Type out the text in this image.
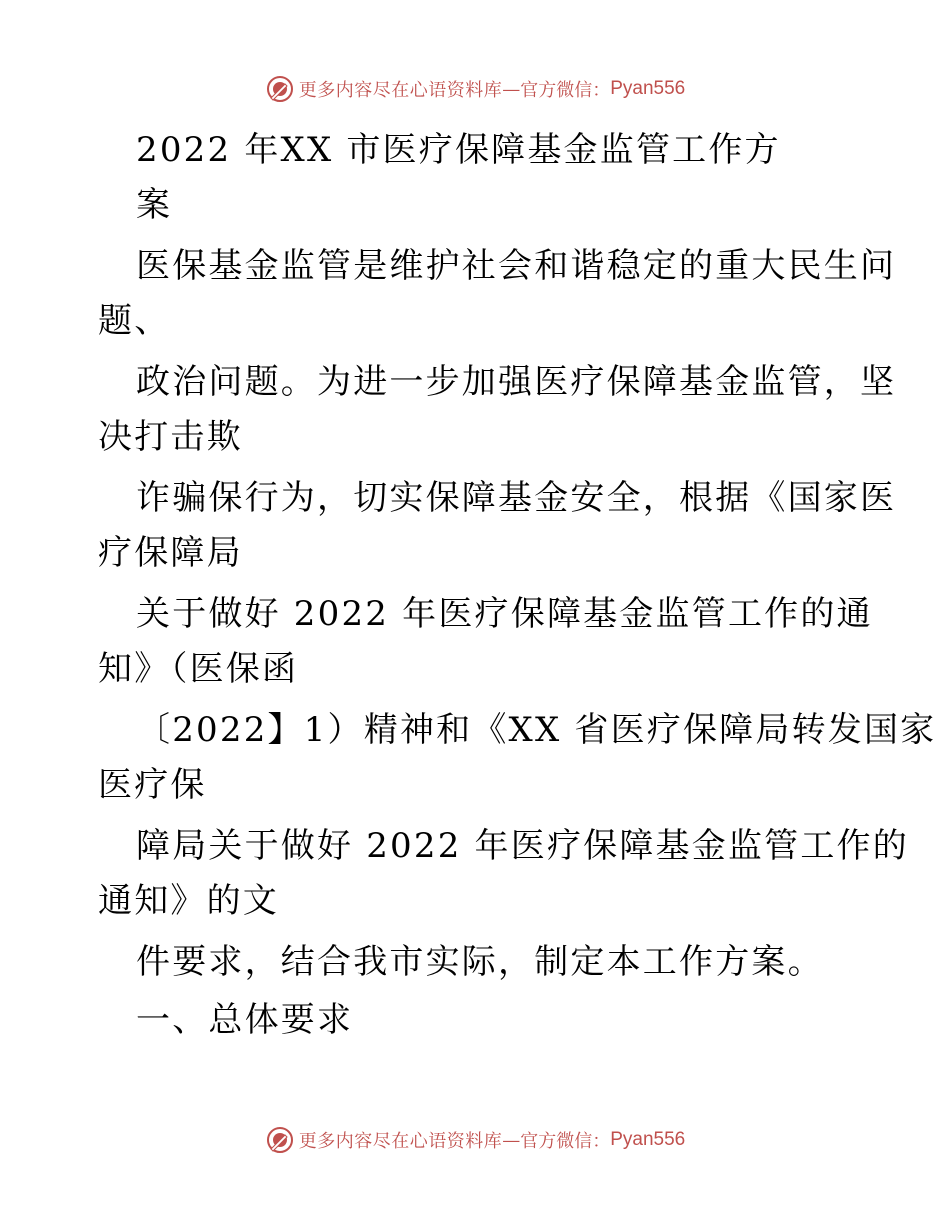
更多内容尽在心语资料库 — 官方微信： Pyan556
2022 年XX 市医疗保障基金监管工作方
案
医保基金监管是维护社会和谐稳定的重大民生问
题、
政治问题。为进一步加强医疗保障基金监管，坚
决打击欺
诈骗保行为，切实保障基金安全，根据《国家医
疗保障局
关于做好 2022 年医疗保障基金监管工作的通
知》（医保函
〔2022】1）精神和《XX 省医疗保障局转发国家
医疗保
障局关于做好 2022 年医疗保障基金监管工作的
通知》的文
件要求，结合我市实际，制定本工作方案。
一、总体要求
更多内容尽在心语资料库 — 官方微信： Pyan556
